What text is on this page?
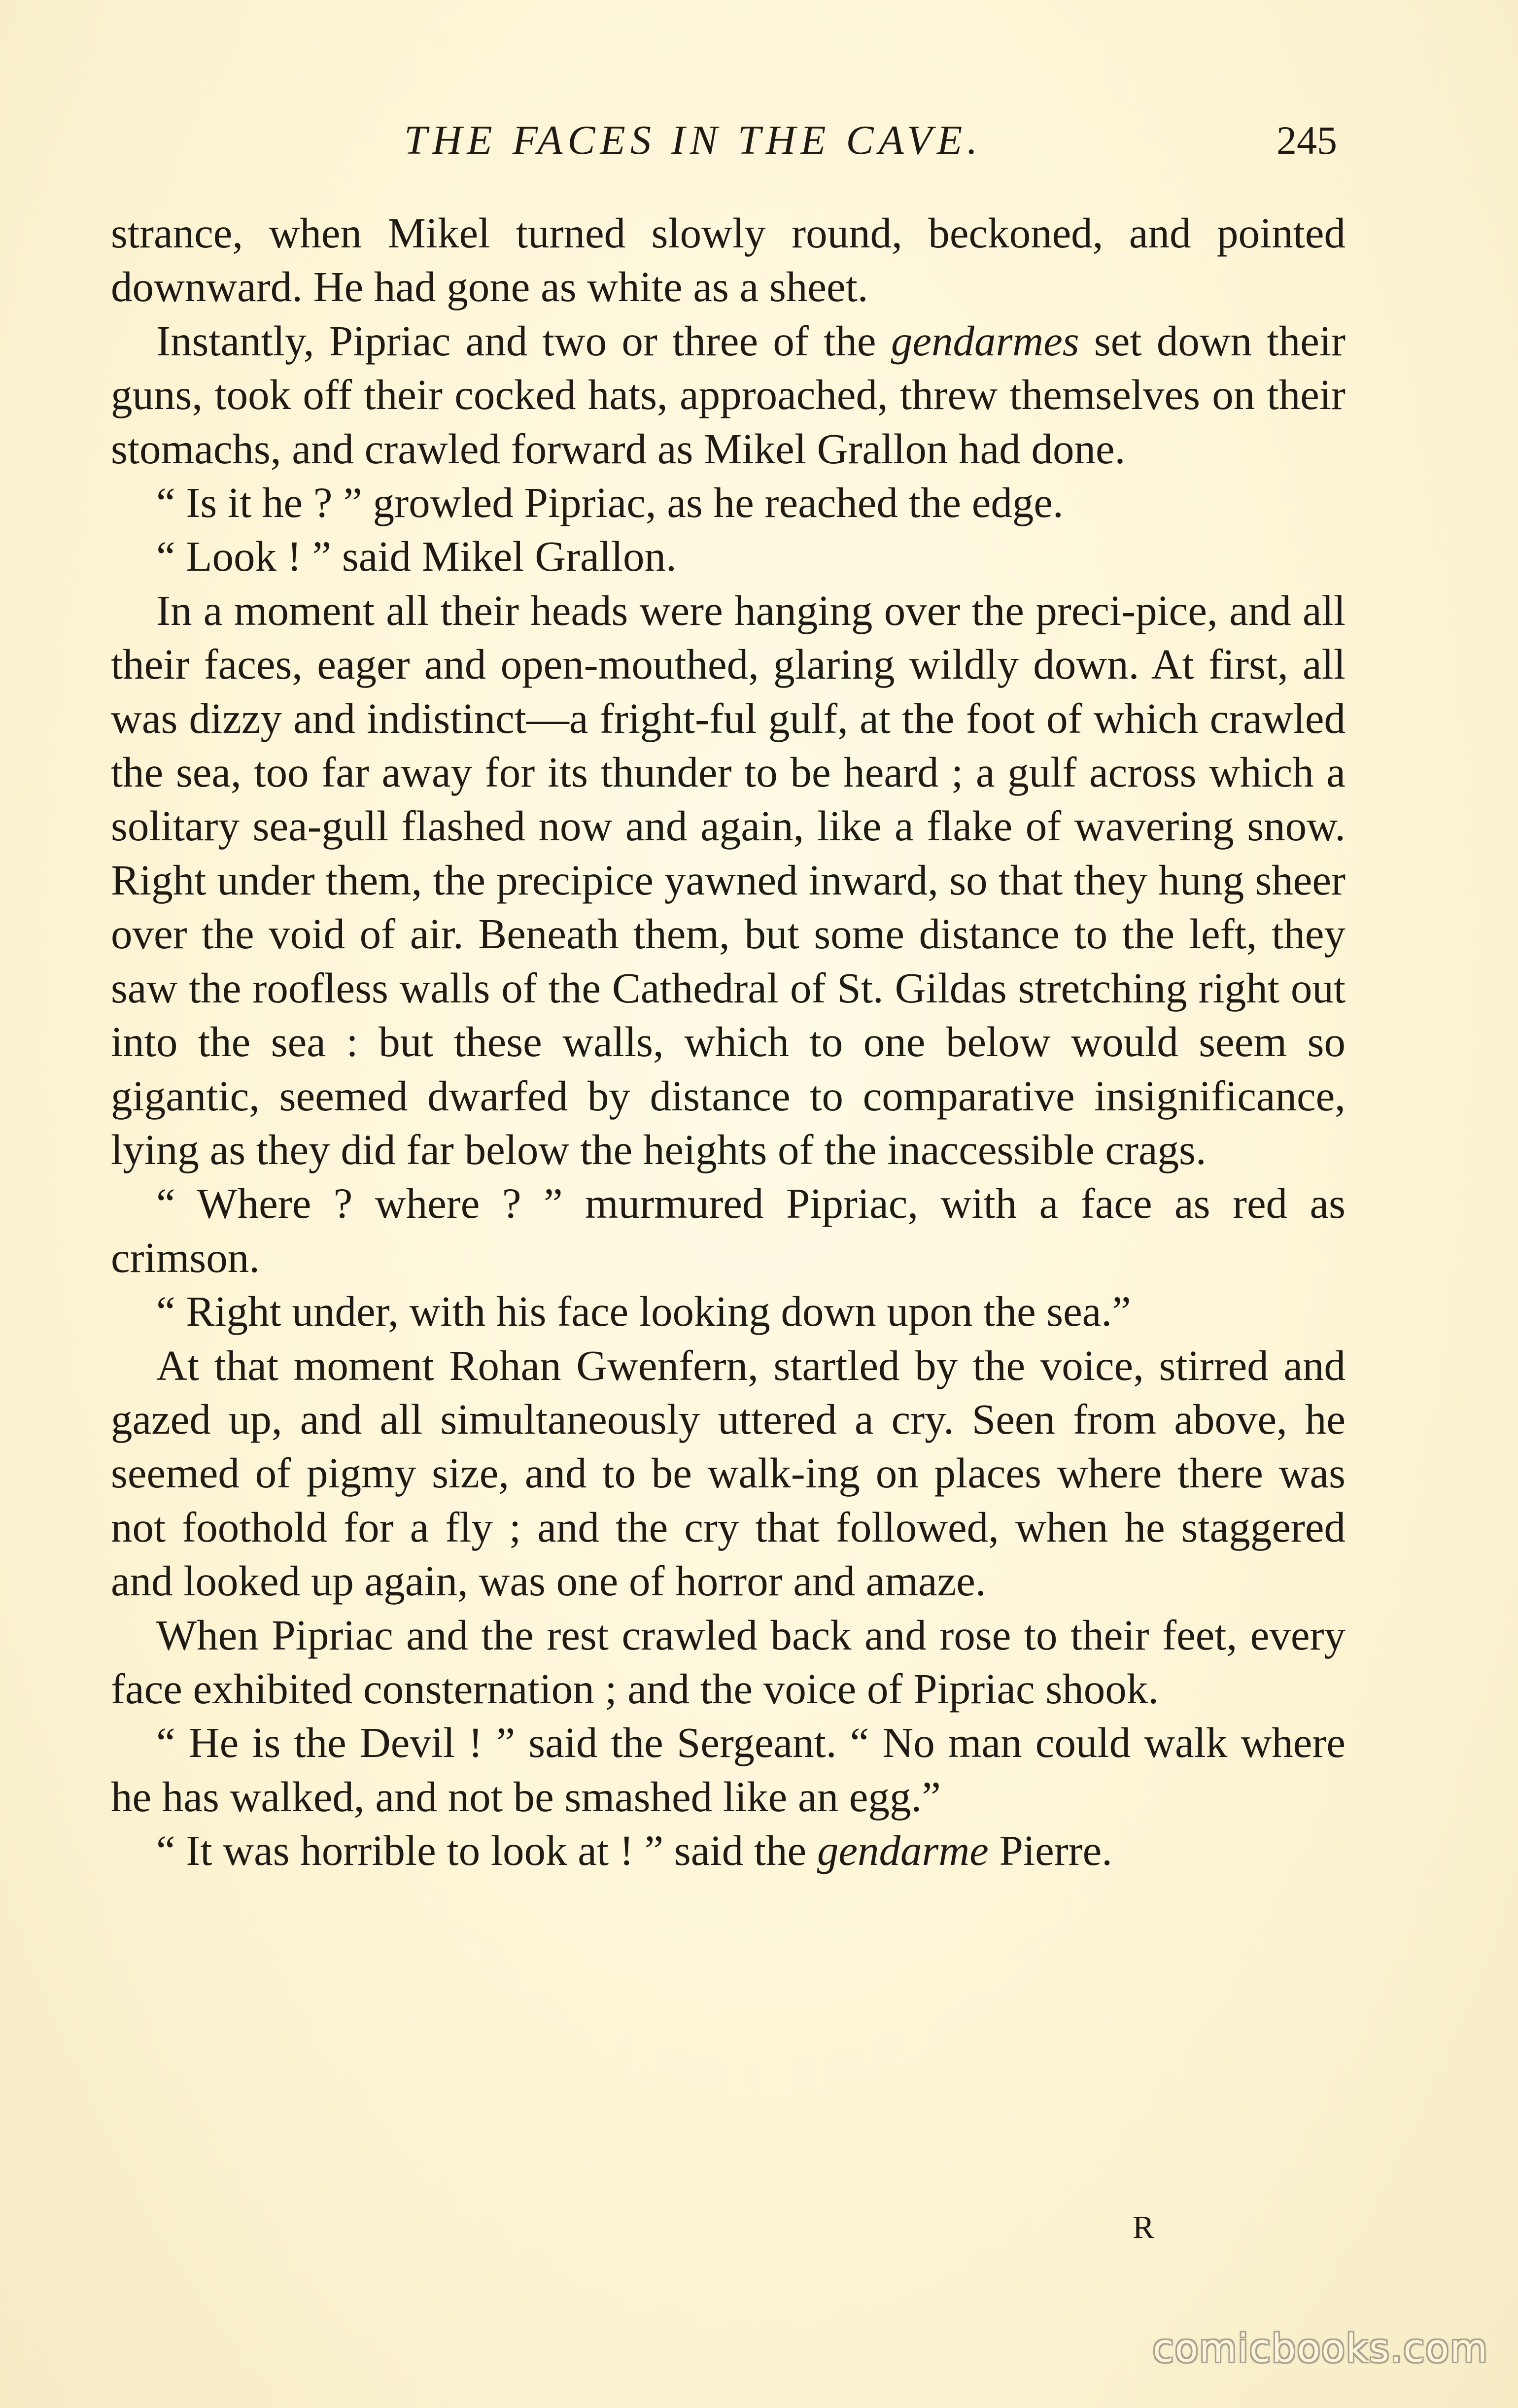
THE FACES IN THE CAVE.	245

strance, when Mikel turned slowly round, beckoned, and pointed downward. He had gone as white as a sheet.

Instantly, Pipriac and two or three of the gendarmes set down their guns, took off their cocked hats, approached, threw themselves on their stomachs, and crawled forward as Mikel Grallon had done.

“ Is it he ? ” growled Pipriac, as he reached the edge.

“ Look ! ” said Mikel Grallon.

In a moment all their heads were hanging over the preci-pice, and all their faces, eager and open-mouthed, glaring wildly down. At first, all was dizzy and indistinct—a fright-ful gulf, at the foot of which crawled the sea, too far away for its thunder to be heard ; a gulf across which a solitary sea-gull flashed now and again, like a flake of wavering snow. Right under them, the precipice yawned inward, so that they hung sheer over the void of air. Beneath them, but some distance to the left, they saw the roofless walls of the Cathedral of St. Gildas stretching right out into the sea : but these walls, which to one below would seem so gigantic, seemed dwarfed by distance to comparative insignificance, lying as they did far below the heights of the inaccessible crags.

“ Where ? where ? ” murmured Pipriac, with a face as red as crimson.

“ Right under, with his face looking down upon the sea.”

At that moment Rohan Gwenfern, startled by the voice, stirred and gazed up, and all simultaneously uttered a cry. Seen from above, he seemed of pigmy size, and to be walk-ing on places where there was not foothold for a fly ; and the cry that followed, when he staggered and looked up again, was one of horror and amaze.

When Pipriac and the rest crawled back and rose to their feet, every face exhibited consternation ; and the voice of Pipriac shook.

“ He is the Devil ! ” said the Sergeant. “ No man could walk where he has walked, and not be smashed like an egg.”

“ It was horrible to look at ! ” said the gendarme Pierre.

R
comicbooks.com
